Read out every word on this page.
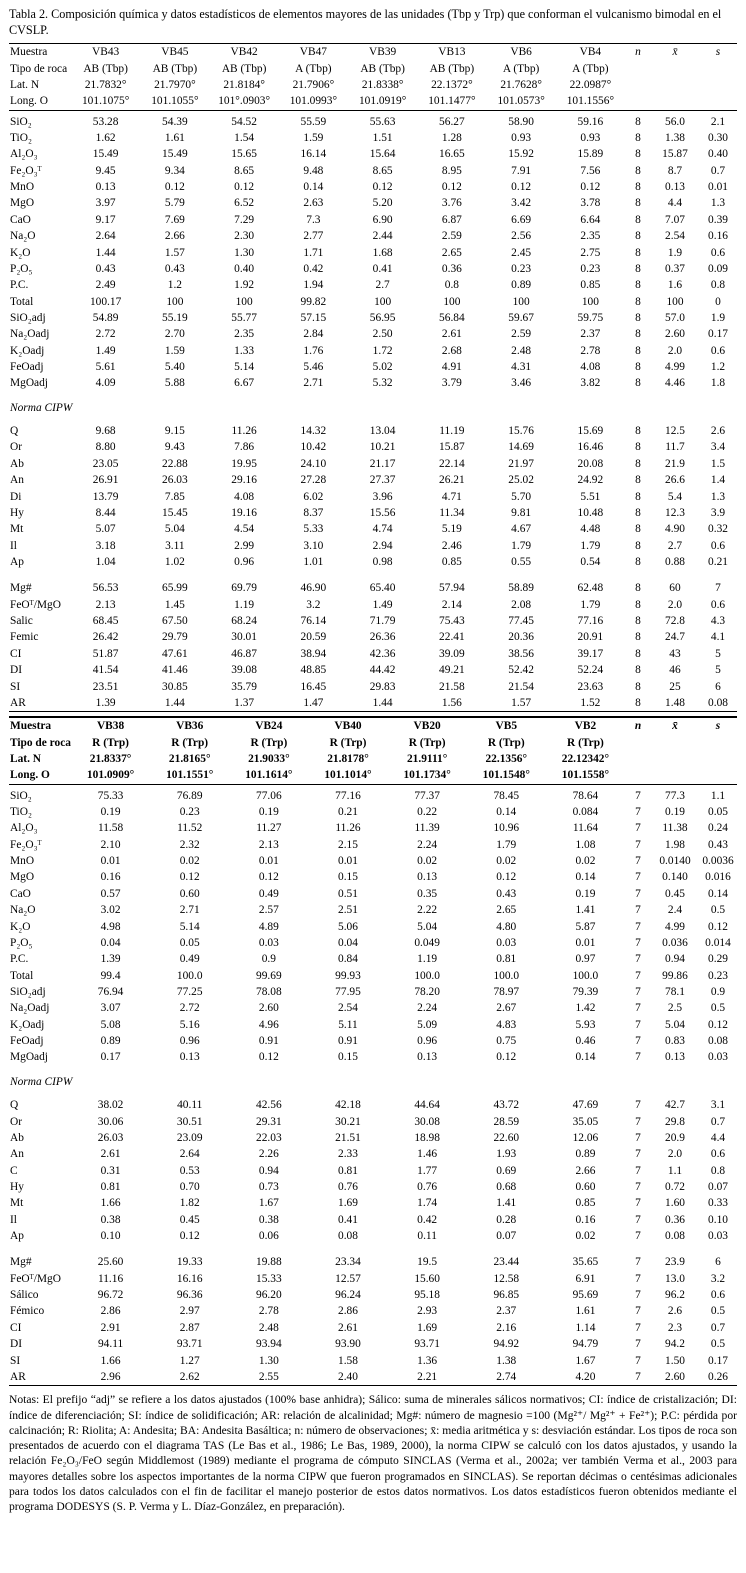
Tabla 2. Composición química y datos estadísticos de elementos mayores de las unidades (Tbp y Trp) que conforman el vulcanismo bimodal en el CVSLP.
Muestra	VB43	VB45	VB42	VB47	VB39	VB13	VB6	VB4	n	x̄	s
Tipo de roca	AB (Tbp)	AB (Tbp)	AB (Tbp)	A (Tbp)	AB (Tbp)	AB (Tbp)	A (Tbp)	A (Tbp)			
Lat. N	21.7832°	21.7970°	21.8184°	21.7906°	21.8338°	22.1372°	21.7628°	22.0987°			
Long. O	101.1075°	101.1055°	101°.0903°	101.0993°	101.0919°	101.1477°	101.0573°	101.1556°			
SiO₂	53.28	54.39	54.52	55.59	55.63	56.27	58.90	59.16	8	56.0	2.1
TiO₂	1.62	1.61	1.54	1.59	1.51	1.28	0.93	0.93	8	1.38	0.30
Al₂O₃	15.49	15.49	15.65	16.14	15.64	16.65	15.92	15.89	8	15.87	0.40
Fe₂O₃ᵀ	9.45	9.34	8.65	9.48	8.65	8.95	7.91	7.56	8	8.7	0.7
MnO	0.13	0.12	0.12	0.14	0.12	0.12	0.12	0.12	8	0.13	0.01
MgO	3.97	5.79	6.52	2.63	5.20	3.76	3.42	3.78	8	4.4	1.3
CaO	9.17	7.69	7.29	7.3	6.90	6.87	6.69	6.64	8	7.07	0.39
Na₂O	2.64	2.66	2.30	2.77	2.44	2.59	2.56	2.35	8	2.54	0.16
K₂O	1.44	1.57	1.30	1.71	1.68	2.65	2.45	2.75	8	1.9	0.6
P₂O₅	0.43	0.43	0.40	0.42	0.41	0.36	0.23	0.23	8	0.37	0.09
P.C.	2.49	1.2	1.92	1.94	2.7	0.8	0.89	0.85	8	1.6	0.8
Total	100.17	100	100	99.82	100	100	100	100	8	100	0
SiO₂adj	54.89	55.19	55.77	57.15	56.95	56.84	59.67	59.75	8	57.0	1.9
Na₂Oadj	2.72	2.70	2.35	2.84	2.50	2.61	2.59	2.37	8	2.60	0.17
K₂Oadj	1.49	1.59	1.33	1.76	1.72	2.68	2.48	2.78	8	2.0	0.6
FeOadj	5.61	5.40	5.14	5.46	5.02	4.91	4.31	4.08	8	4.99	1.2
MgOadj	4.09	5.88	6.67	2.71	5.32	3.79	3.46	3.82	8	4.46	1.8
Norma CIPW											
Q	9.68	9.15	11.26	14.32	13.04	11.19	15.76	15.69	8	12.5	2.6
Or	8.80	9.43	7.86	10.42	10.21	15.87	14.69	16.46	8	11.7	3.4
Ab	23.05	22.88	19.95	24.10	21.17	22.14	21.97	20.08	8	21.9	1.5
An	26.91	26.03	29.16	27.28	27.37	26.21	25.02	24.92	8	26.6	1.4
Di	13.79	7.85	4.08	6.02	3.96	4.71	5.70	5.51	8	5.4	1.3
Hy	8.44	15.45	19.16	8.37	15.56	11.34	9.81	10.48	8	12.3	3.9
Mt	5.07	5.04	4.54	5.33	4.74	5.19	4.67	4.48	8	4.90	0.32
Il	3.18	3.11	2.99	3.10	2.94	2.46	1.79	1.79	8	2.7	0.6
Ap	1.04	1.02	0.96	1.01	0.98	0.85	0.55	0.54	8	0.88	0.21

Mg#	56.53	65.99	69.79	46.90	65.40	57.94	58.89	62.48	8	60	7
FeOᵀ/MgO	2.13	1.45	1.19	3.2	1.49	2.14	2.08	1.79	8	2.0	0.6
Salic	68.45	67.50	68.24	76.14	71.79	75.43	77.45	77.16	8	72.8	4.3
Femic	26.42	29.79	30.01	20.59	26.36	22.41	20.36	20.91	8	24.7	4.1
CI	51.87	47.61	46.87	38.94	42.36	39.09	38.56	39.17	8	43	5
DI	41.54	41.46	39.08	48.85	44.42	49.21	52.42	52.24	8	46	5
SI	23.51	30.85	35.79	16.45	29.83	21.58	21.54	23.63	8	25	6
AR	1.39	1.44	1.37	1.47	1.44	1.56	1.57	1.52	8	1.48	0.08
Muestra	VB38	VB36	VB24	VB40	VB20	VB5	VB2	n	x̄	s
Tipo de roca	R (Trp)	R (Trp)	R (Trp)	R (Trp)	R (Trp)	R (Trp)	R (Trp)			
Lat. N	21.8337°	21.8165°	21.9033°	21.8178°	21.9111°	22.1356°	22.12342°			
Long. O	101.0909°	101.1551°	101.1614°	101.1014°	101.1734°	101.1548°	101.1558°			
SiO₂	75.33	76.89	77.06	77.16	77.37	78.45	78.64	7	77.3	1.1
TiO₂	0.19	0.23	0.19	0.21	0.22	0.14	0.084	7	0.19	0.05
Al₂O₃	11.58	11.52	11.27	11.26	11.39	10.96	11.64	7	11.38	0.24
Fe₂O₃ᵀ	2.10	2.32	2.13	2.15	2.24	1.79	1.08	7	1.98	0.43
MnO	0.01	0.02	0.01	0.01	0.02	0.02	0.02	7	0.0140	0.0036
MgO	0.16	0.12	0.12	0.15	0.13	0.12	0.14	7	0.140	0.016
CaO	0.57	0.60	0.49	0.51	0.35	0.43	0.19	7	0.45	0.14
Na₂O	3.02	2.71	2.57	2.51	2.22	2.65	1.41	7	2.4	0.5
K₂O	4.98	5.14	4.89	5.06	5.04	4.80	5.87	7	4.99	0.12
P₂O₅	0.04	0.05	0.03	0.04	0.049	0.03	0.01	7	0.036	0.014
P.C.	1.39	0.49	0.9	0.84	1.19	0.81	0.97	7	0.94	0.29
Total	99.4	100.0	99.69	99.93	100.0	100.0	100.0	7	99.86	0.23
SiO₂adj	76.94	77.25	78.08	77.95	78.20	78.97	79.39	7	78.1	0.9
Na₂Oadj	3.07	2.72	2.60	2.54	2.24	2.67	1.42	7	2.5	0.5
K₂Oadj	5.08	5.16	4.96	5.11	5.09	4.83	5.93	7	5.04	0.12
FeOadj	0.89	0.96	0.91	0.91	0.96	0.75	0.46	7	0.83	0.08
MgOadj	0.17	0.13	0.12	0.15	0.13	0.12	0.14	7	0.13	0.03
Norma CIPW										
Q	38.02	40.11	42.56	42.18	44.64	43.72	47.69	7	42.7	3.1
Or	30.06	30.51	29.31	30.21	30.08	28.59	35.05	7	29.8	0.7
Ab	26.03	23.09	22.03	21.51	18.98	22.60	12.06	7	20.9	4.4
An	2.61	2.64	2.26	2.33	1.46	1.93	0.89	7	2.0	0.6
C	0.31	0.53	0.94	0.81	1.77	0.69	2.66	7	1.1	0.8
Hy	0.81	0.70	0.73	0.76	0.76	0.68	0.60	7	0.72	0.07
Mt	1.66	1.82	1.67	1.69	1.74	1.41	0.85	7	1.60	0.33
Il	0.38	0.45	0.38	0.41	0.42	0.28	0.16	7	0.36	0.10
Ap	0.10	0.12	0.06	0.08	0.11	0.07	0.02	7	0.08	0.03

Mg#	25.60	19.33	19.88	23.34	19.5	23.44	35.65	7	23.9	6
FeOᵀ/MgO	11.16	16.16	15.33	12.57	15.60	12.58	6.91	7	13.0	3.2
Sálico	96.72	96.36	96.20	96.24	95.18	96.85	95.69	7	96.2	0.6
Fémico	2.86	2.97	2.78	2.86	2.93	2.37	1.61	7	2.6	0.5
CI	2.91	2.87	2.48	2.61	1.69	2.16	1.14	7	2.3	0.7
DI	94.11	93.71	93.94	93.90	93.71	94.92	94.79	7	94.2	0.5
SI	1.66	1.27	1.30	1.58	1.36	1.38	1.67	7	1.50	0.17
AR	2.96	2.62	2.55	2.40	2.21	2.74	4.20	7	2.60	0.26
Notas: El prefijo “adj” se refiere a los datos ajustados (100% base anhidra); Sálico: suma de minerales sálicos normativos; CI: índice de cristalización; DI: índice de diferenciación; SI: índice de solidificación; AR: relación de alcalinidad; Mg#: número de magnesio =100 (Mg²⁺/ Mg²⁺ + Fe²⁺); P.C: pérdida por calcinación; R: Riolita; A: Andesita; BA: Andesita Basáltica; n: número de observaciones; x̄: media aritmética y s: desviación estándar. Los tipos de roca son presentados de acuerdo con el diagrama TAS (Le Bas et al., 1986; Le Bas, 1989, 2000), la norma CIPW se calculó con los datos ajustados, y usando la relación Fe₂O₃/FeO según Middlemost (1989) mediante el programa de cómputo SINCLAS (Verma et al., 2002a; ver también Verma et al., 2003 para mayores detalles sobre los aspectos importantes de la norma CIPW que fueron programados en SINCLAS). Se reportan décimas o centésimas adicionales para todos los datos calculados con el fin de facilitar el manejo posterior de estos datos normativos. Los datos estadísticos fueron obtenidos mediante el programa DODESYS (S. P. Verma y L. Díaz-González, en preparación).
